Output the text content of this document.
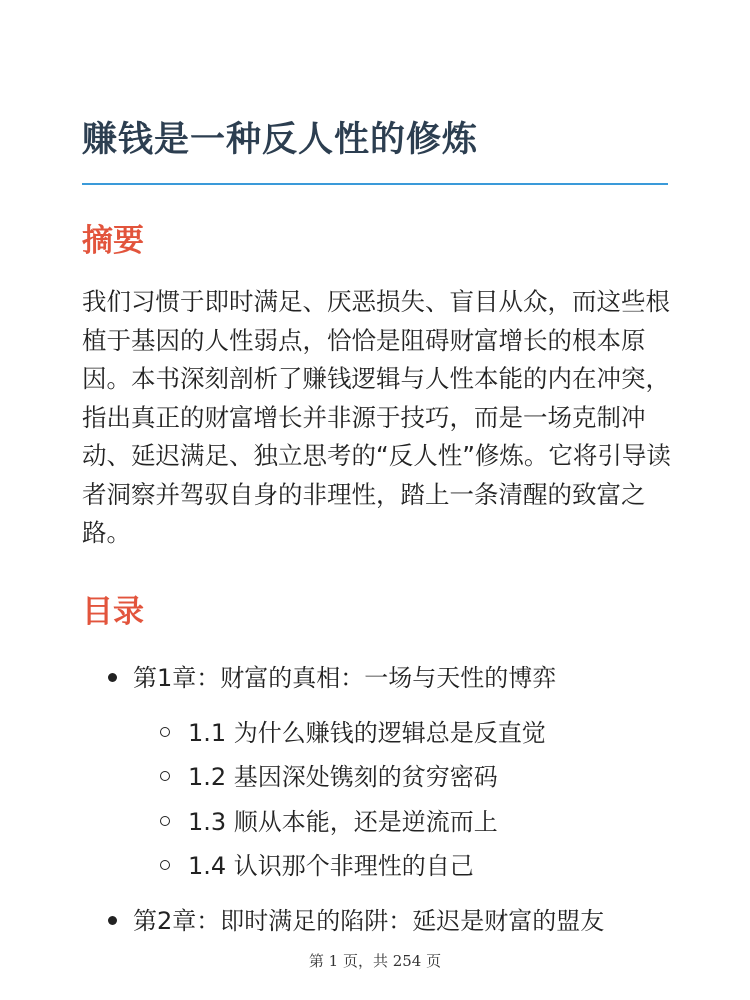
赚钱是一种反人性的修炼
摘要

我们习惯于即时满足、厌恶损失、盲目从众，而这些根植于基因的人性弱点，恰恰是阻碍财富增长的根本原因。本书深刻剖析了赚钱逻辑与人性本能的内在冲突，指出真正的财富增长并非源于技巧，而是一场克制冲动、延迟满足、独立思考的“反人性”修炼。它将引导读者洞察并驾驭自身的非理性，踏上一条清醒的致富之路。

目录
第1章：财富的真相：一场与天性的博弈
1.1 为什么赚钱的逻辑总是反直觉
1.2 基因深处镌刻的贫穷密码
1.3 顺从本能，还是逆流而上
1.4 认识那个非理性的自己
第2章：即时满足的陷阱：延迟是财富的盟友
第 1 页，共 254 页
